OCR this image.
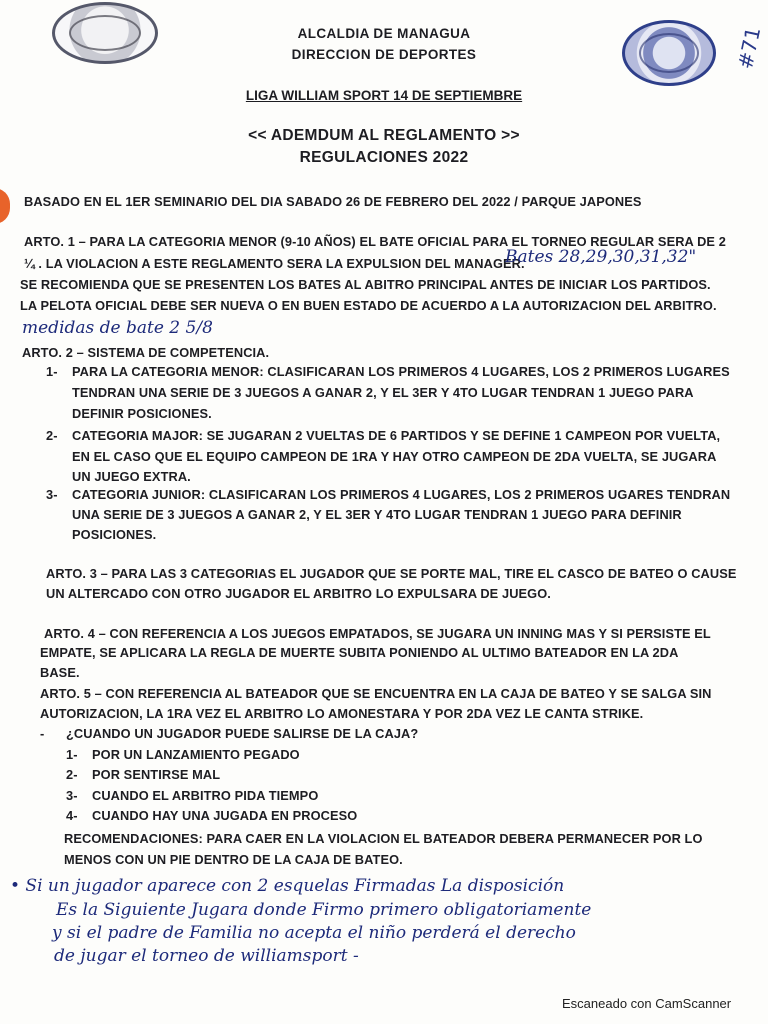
#71
ALCALDIA DE MANAGUA
DIRECCION DE DEPORTES
LIGA WILLIAM SPORT 14 DE SEPTIEMBRE
<< ADEMDUM AL REGLAMENTO >>
REGULACIONES 2022
BASADO EN EL 1ER SEMINARIO DEL DIA SABADO 26 DE FEBRERO DEL 2022 / PARQUE JAPONES
ARTO. 1 – PARA LA CATEGORIA MENOR (9-10 AÑOS) EL BATE OFICIAL PARA EL TORNEO REGULAR SERA DE 2
¼ . LA VIOLACION A ESTE REGLAMENTO SERA LA EXPULSION DEL MANAGER.
Bates 28,29,30,31,32"
SE RECOMIENDA QUE SE PRESENTEN LOS BATES AL ABITRO PRINCIPAL ANTES DE INICIAR LOS PARTIDOS.
LA PELOTA OFICIAL DEBE SER NUEVA O EN BUEN ESTADO DE ACUERDO A LA AUTORIZACION DEL ARBITRO.
medidas de bate 2 5/8
ARTO. 2 – SISTEMA DE COMPETENCIA.
1- PARA LA CATEGORIA MENOR: CLASIFICARAN LOS PRIMEROS 4 LUGARES, LOS 2 PRIMEROS LUGARES
TENDRAN UNA SERIE DE 3 JUEGOS A GANAR 2, Y EL 3ER Y 4TO LUGAR TENDRAN 1 JUEGO PARA
DEFINIR POSICIONES.
2- CATEGORIA MAJOR: SE JUGARAN 2 VUELTAS DE 6 PARTIDOS Y SE DEFINE 1 CAMPEON POR VUELTA,
EN EL CASO QUE EL EQUIPO CAMPEON DE 1RA Y HAY OTRO CAMPEON DE 2DA VUELTA, SE JUGARA
UN JUEGO EXTRA.
3- CATEGORIA JUNIOR: CLASIFICARAN LOS PRIMEROS 4 LUGARES, LOS 2 PRIMEROS UGARES TENDRAN
UNA SERIE DE 3 JUEGOS A GANAR 2, Y EL 3ER Y 4TO LUGAR TENDRAN 1 JUEGO PARA DEFINIR
POSICIONES.
ARTO. 3 – PARA LAS 3 CATEGORIAS EL JUGADOR QUE SE PORTE MAL, TIRE EL CASCO DE BATEO O CAUSE
UN ALTERCADO CON OTRO JUGADOR EL ARBITRO LO EXPULSARA DE JUEGO.
ARTO. 4 – CON REFERENCIA A LOS JUEGOS EMPATADOS, SE JUGARA UN INNING MAS Y SI PERSISTE EL
EMPATE, SE APLICARA LA REGLA DE MUERTE SUBITA PONIENDO AL ULTIMO BATEADOR EN LA 2DA
BASE.
ARTO. 5 – CON REFERENCIA AL BATEADOR QUE SE ENCUENTRA EN LA CAJA DE BATEO Y SE SALGA SIN
AUTORIZACION, LA 1RA VEZ EL ARBITRO LO AMONESTARA Y POR 2DA VEZ LE CANTA STRIKE.
- ¿CUANDO UN JUGADOR PUEDE SALIRSE DE LA CAJA?
1- POR UN LANZAMIENTO PEGADO
2- POR SENTIRSE MAL
3- CUANDO EL ARBITRO PIDA TIEMPO
4- CUANDO HAY UNA JUGADA EN PROCESO
RECOMENDACIONES: PARA CAER EN LA VIOLACION EL BATEADOR DEBERA PERMANECER POR LO
MENOS CON UN PIE DENTRO DE LA CAJA DE BATEO.
• Si un jugador aparece con 2 esquelas Firmadas La disposición
Es la Siguiente Jugara donde Firmo primero obligatoriamente
y si el padre de Familia no acepta el niño perderá el derecho
de jugar el torneo de williamsport -
Escaneado con CamScanner
